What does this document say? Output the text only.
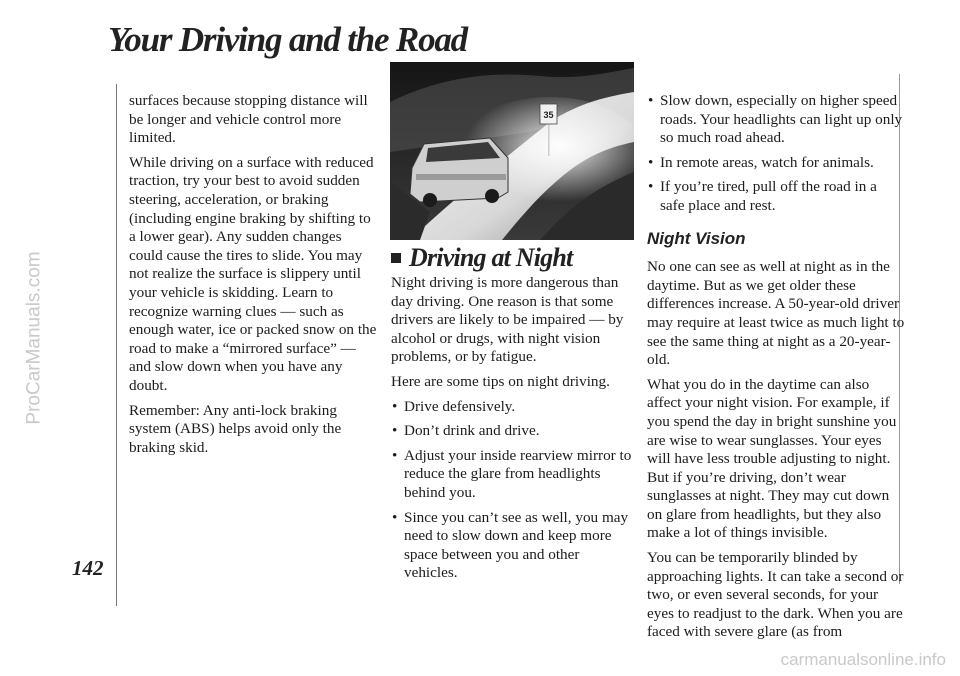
Your Driving and the Road
ProCarManuals.com
142

surfaces because stopping distance will be longer and vehicle control more limited.

While driving on a surface with reduced traction, try your best to avoid sudden steering, acceleration, or braking (including engine braking by shifting to a lower gear). Any sudden changes could cause the tires to slide. You may not realize the surface is slippery until your vehicle is skidding. Learn to recognize warning clues — such as enough water, ice or packed snow on the road to make a “mirrored surface” — and slow down when you have any doubt.

Remember: Any anti-lock braking system (ABS) helps avoid only the braking skid.

35
Driving at Night

Night driving is more dangerous than day driving. One reason is that some drivers are likely to be impaired — by alcohol or drugs, with night vision problems, or by fatigue.

Here are some tips on night driving.

• Drive defensively.
• Don’t drink and drive.
• Adjust your inside rearview mirror to reduce the glare from headlights behind you.
• Since you can’t see as well, you may need to slow down and keep more space between you and other vehicles.
• Slow down, especially on higher speed roads. Your headlights can light up only so much road ahead.
• In remote areas, watch for animals.
• If you’re tired, pull off the road in a safe place and rest.
Night Vision

No one can see as well at night as in the daytime. But as we get older these differences increase. A 50-year-old driver may require at least twice as much light to see the same thing at night as a 20-year-old.

What you do in the daytime can also affect your night vision. For example, if you spend the day in bright sunshine you are wise to wear sunglasses. Your eyes will have less trouble adjusting to night. But if you’re driving, don’t wear sunglasses at night. They may cut down on glare from headlights, but they also make a lot of things invisible.

You can be temporarily blinded by approaching lights. It can take a second or two, or even several seconds, for your eyes to readjust to the dark. When you are faced with severe glare (as from

carmanualsonline.info
